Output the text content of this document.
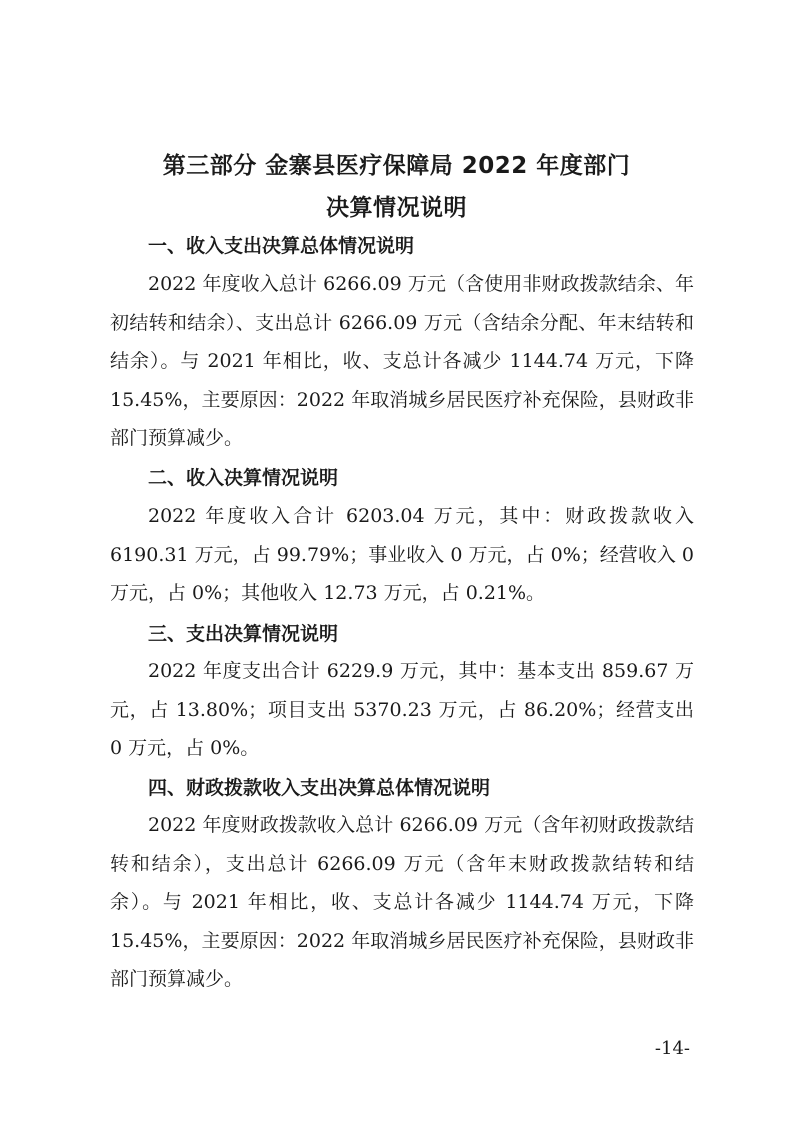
第三部分 金寨县医疗保障局 2022 年度部门
决算情况说明
一、收入支出决算总体情况说明

2022 年度收入总计 6266.09 万元（含使用非财政拨款结余、年初结转和结余）、支出总计 6266.09 万元（含结余分配、年末结转和结余）。与 2021 年相比，收、支总计各减少 1144.74 万元，下降 15.45%，主要原因：2022 年取消城乡居民医疗补充保险，县财政非部门预算减少。

二、收入决算情况说明

2022 年度收入合计 6203.04 万元，其中：财政拨款收入 6190.31 万元，占 99.79%；事业收入 0 万元，占 0%；经营收入 0 万元，占 0%；其他收入 12.73 万元，占 0.21%。

三、支出决算情况说明

2022 年度支出合计 6229.9 万元，其中：基本支出 859.67 万元，占 13.80%；项目支出 5370.23 万元，占 86.20%；经营支出 0 万元，占 0%。

四、财政拨款收入支出决算总体情况说明

2022 年度财政拨款收入总计 6266.09 万元（含年初财政拨款结转和结余），支出总计 6266.09 万元（含年末财政拨款结转和结余）。与 2021 年相比，收、支总计各减少 1144.74 万元，下降 15.45%，主要原因：2022 年取消城乡居民医疗补充保险，县财政非部门预算减少。

-14-
